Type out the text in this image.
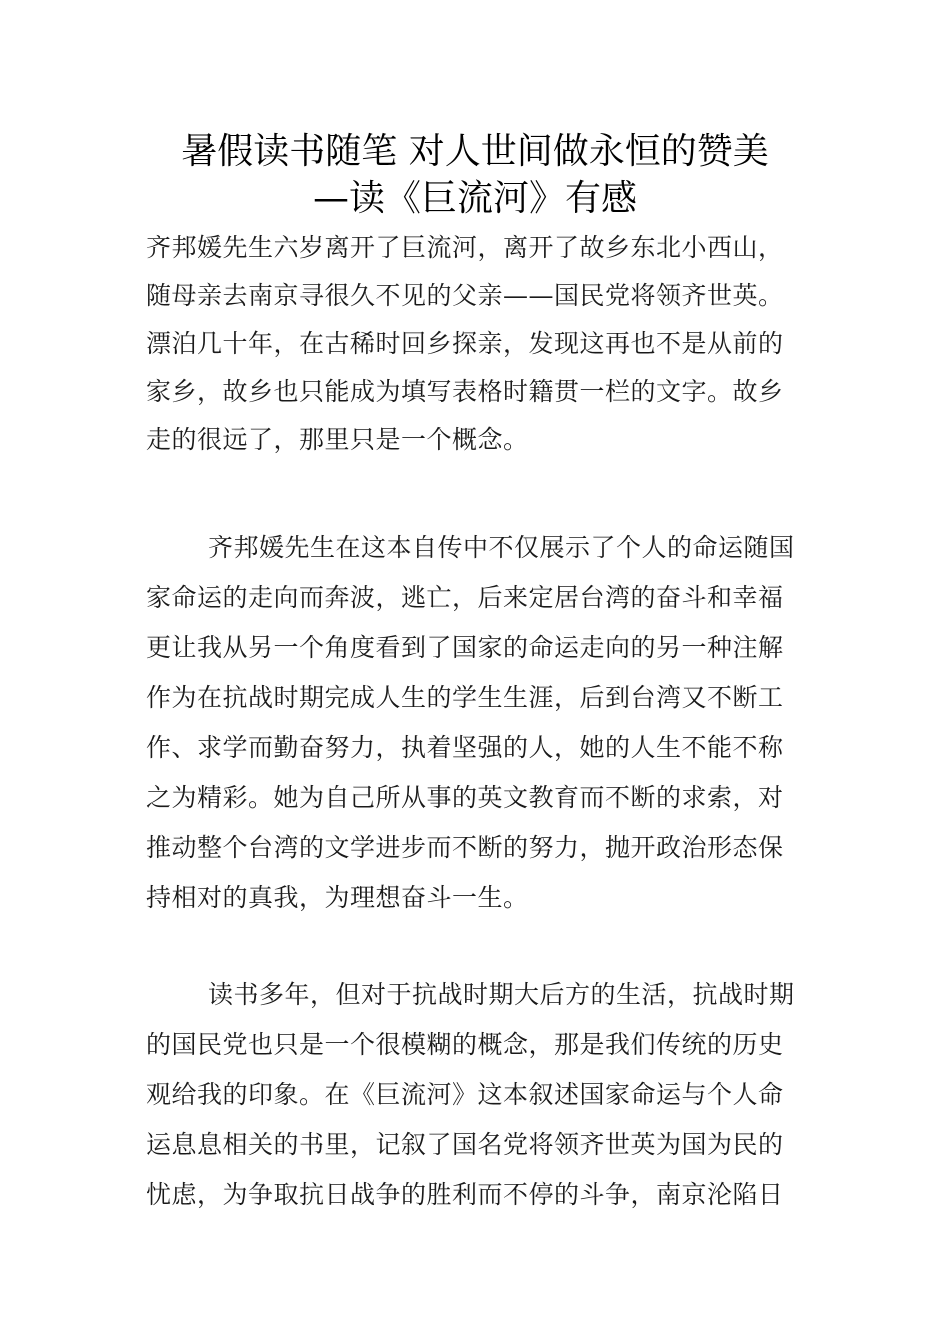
暑假读书随笔 对人世间做永恒的赞美
—读《巨流河》有感
齐邦媛先生六岁离开了巨流河，离开了故乡东北小西山，
随母亲去南京寻很久不见的父亲——国民党将领齐世英。
漂泊几十年，在古稀时回乡探亲，发现这再也不是从前的
家乡，故乡也只能成为填写表格时籍贯一栏的文字。故乡
走的很远了，那里只是一个概念。
齐邦媛先生在这本自传中不仅展示了个人的命运随国
家命运的走向而奔波，逃亡，后来定居台湾的奋斗和幸福
更让我从另一个角度看到了国家的命运走向的另一种注解
作为在抗战时期完成人生的学生生涯，后到台湾又不断工
作、求学而勤奋努力，执着坚强的人，她的人生不能不称
之为精彩。她为自己所从事的英文教育而不断的求索，对
推动整个台湾的文学进步而不断的努力，抛开政治形态保
持相对的真我，为理想奋斗一生。
读书多年，但对于抗战时期大后方的生活，抗战时期
的国民党也只是一个很模糊的概念，那是我们传统的历史
观给我的印象。在《巨流河》这本叙述国家命运与个人命
运息息相关的书里，记叙了国名党将领齐世英为国为民的
忧虑，为争取抗日战争的胜利而不停的斗争，南京沦陷日
